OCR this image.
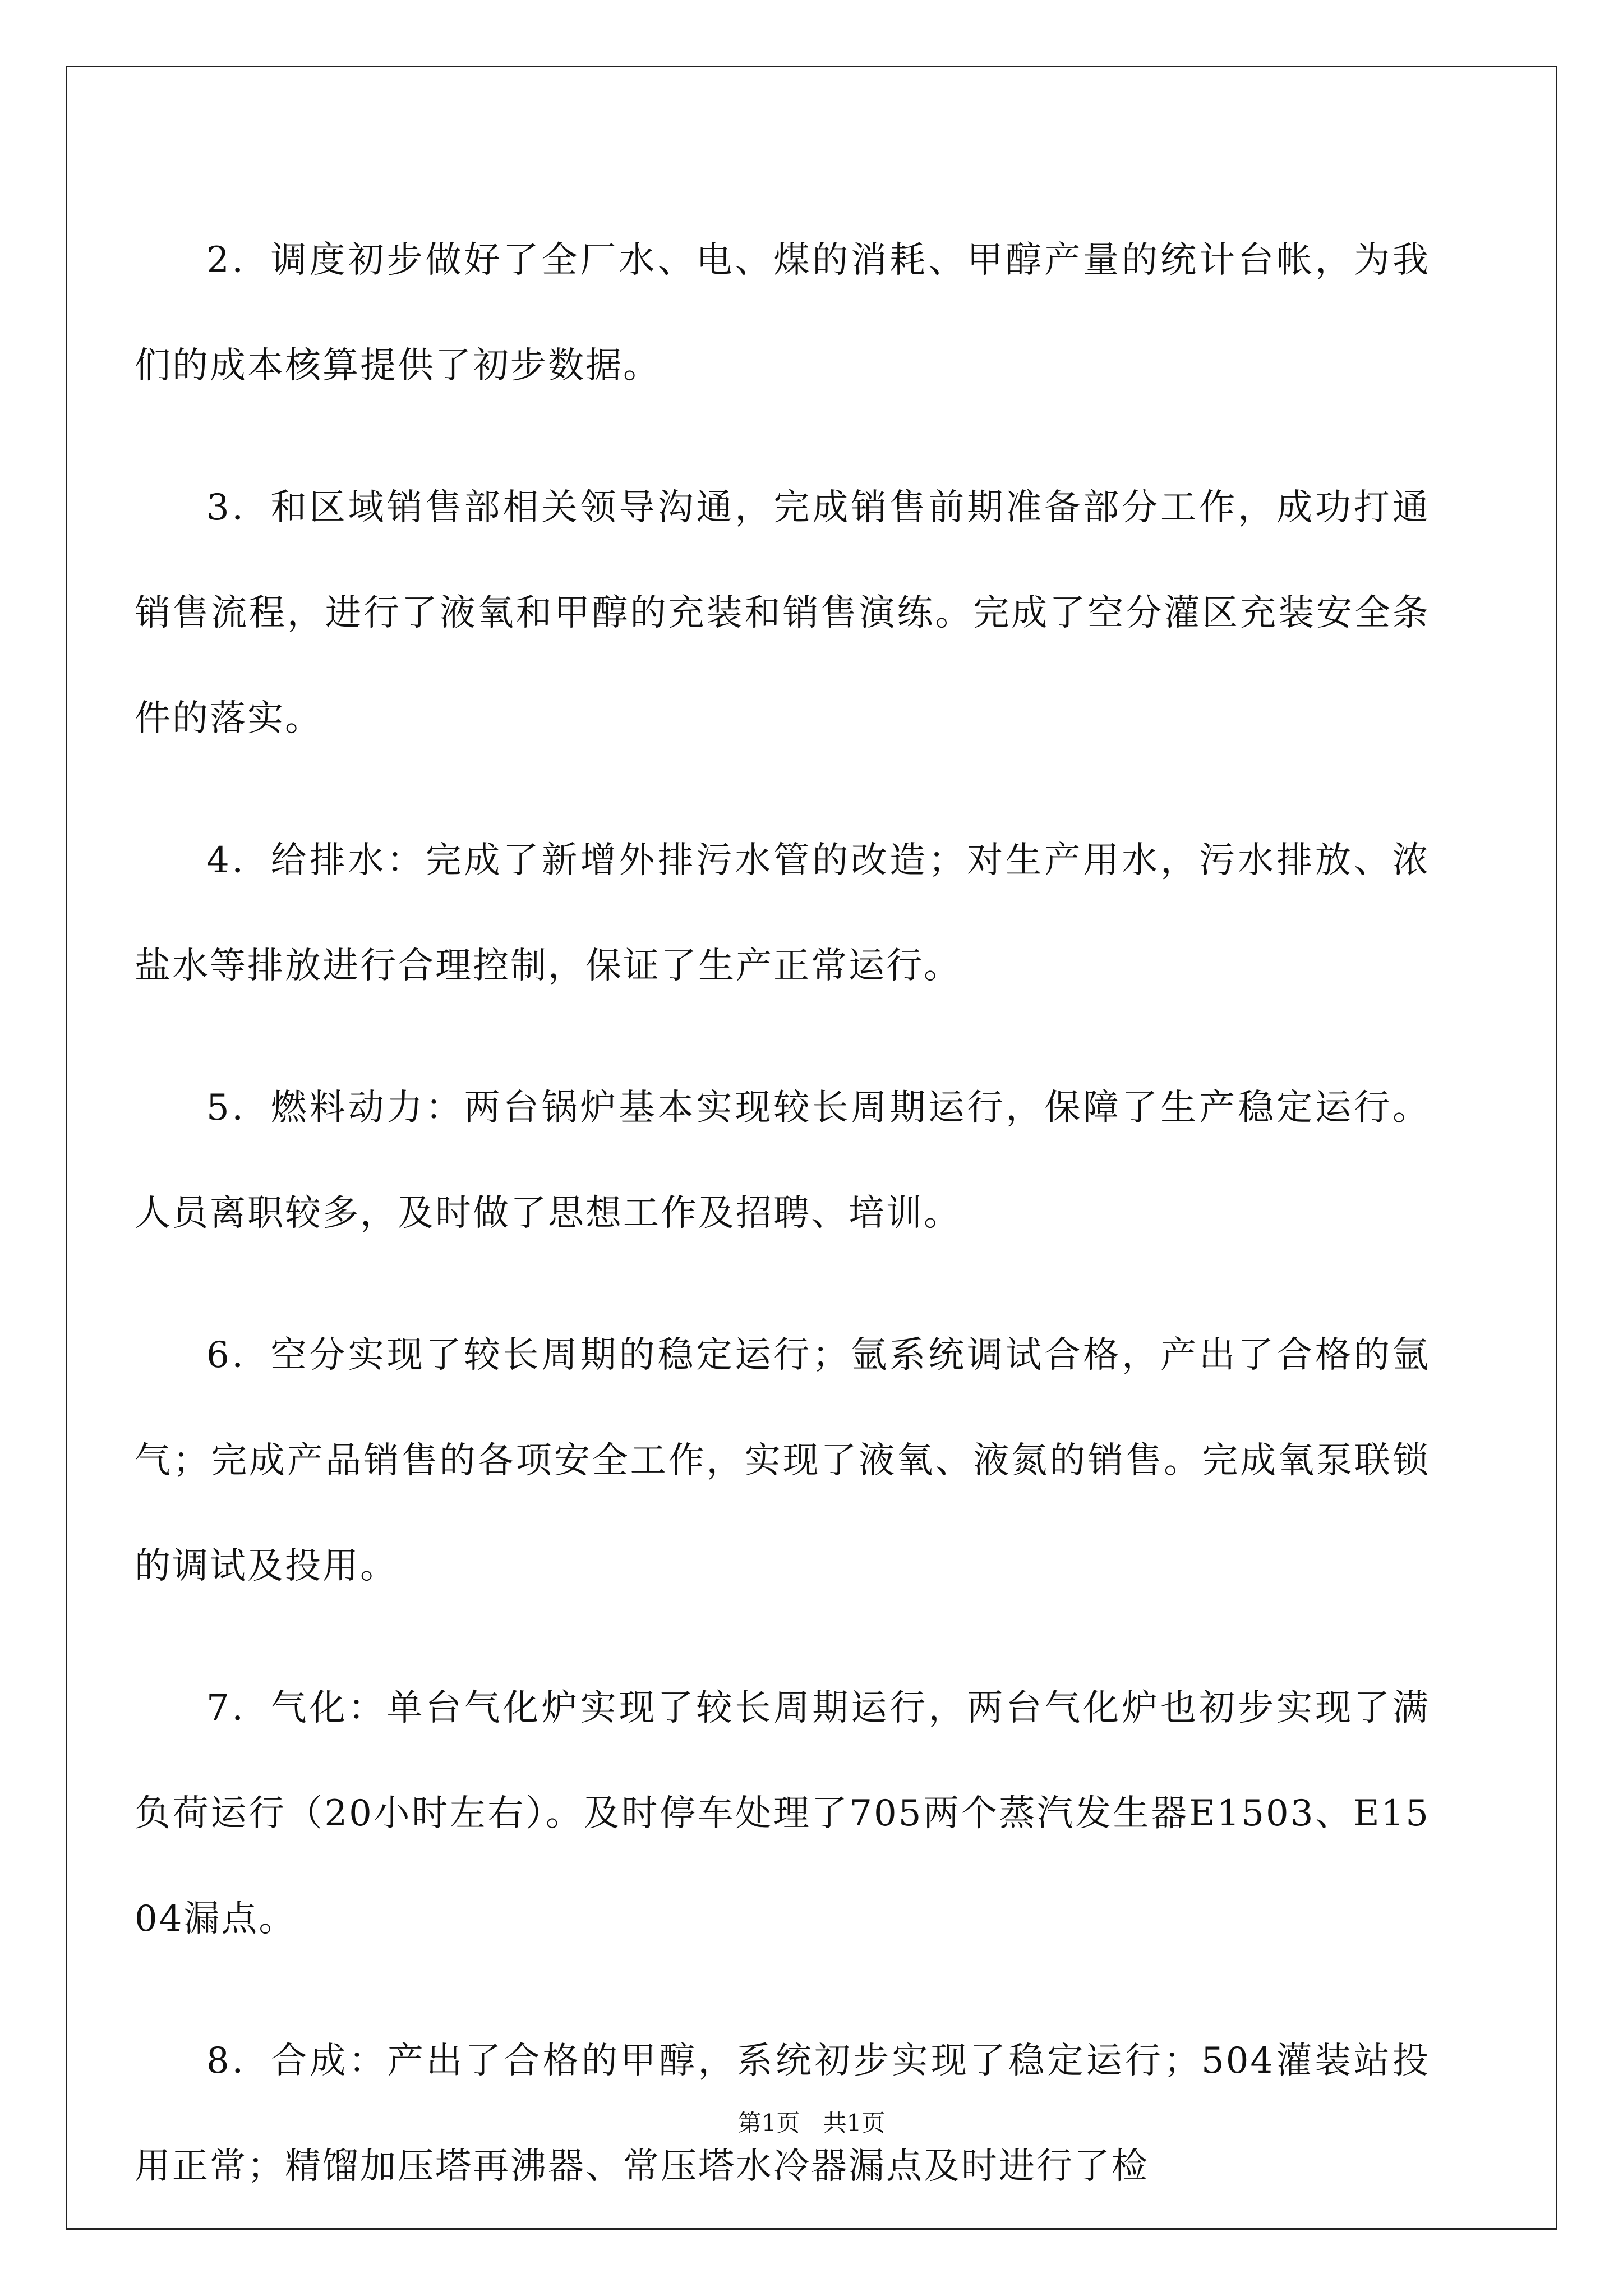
2．调度初步做好了全厂水、电、煤的消耗、甲醇产量的统计台帐，为我们的成本核算提供了初步数据。

3．和区域销售部相关领导沟通，完成销售前期准备部分工作，成功打通销售流程，进行了液氧和甲醇的充装和销售演练。完成了空分灌区充装安全条件的落实。

4．给排水：完成了新增外排污水管的改造；对生产用水，污水排放、浓盐水等排放进行合理控制，保证了生产正常运行。

5．燃料动力：两台锅炉基本实现较长周期运行，保障了生产稳定运行。人员离职较多，及时做了思想工作及招聘、培训。

6．空分实现了较长周期的稳定运行；氩系统调试合格，产出了合格的氩气；完成产品销售的各项安全工作，实现了液氧、液氮的销售。完成氧泵联锁的调试及投用。

7．气化：单台气化炉实现了较长周期运行，两台气化炉也初步实现了满负荷运行（20小时左右）。及时停车处理了705两个蒸汽发生器E1503、E1504漏点。

8．合成：产出了合格的甲醇，系统初步实现了稳定运行；504灌装站投用正常；精馏加压塔再沸器、常压塔水冷器漏点及时进行了检

第1页 共1页
